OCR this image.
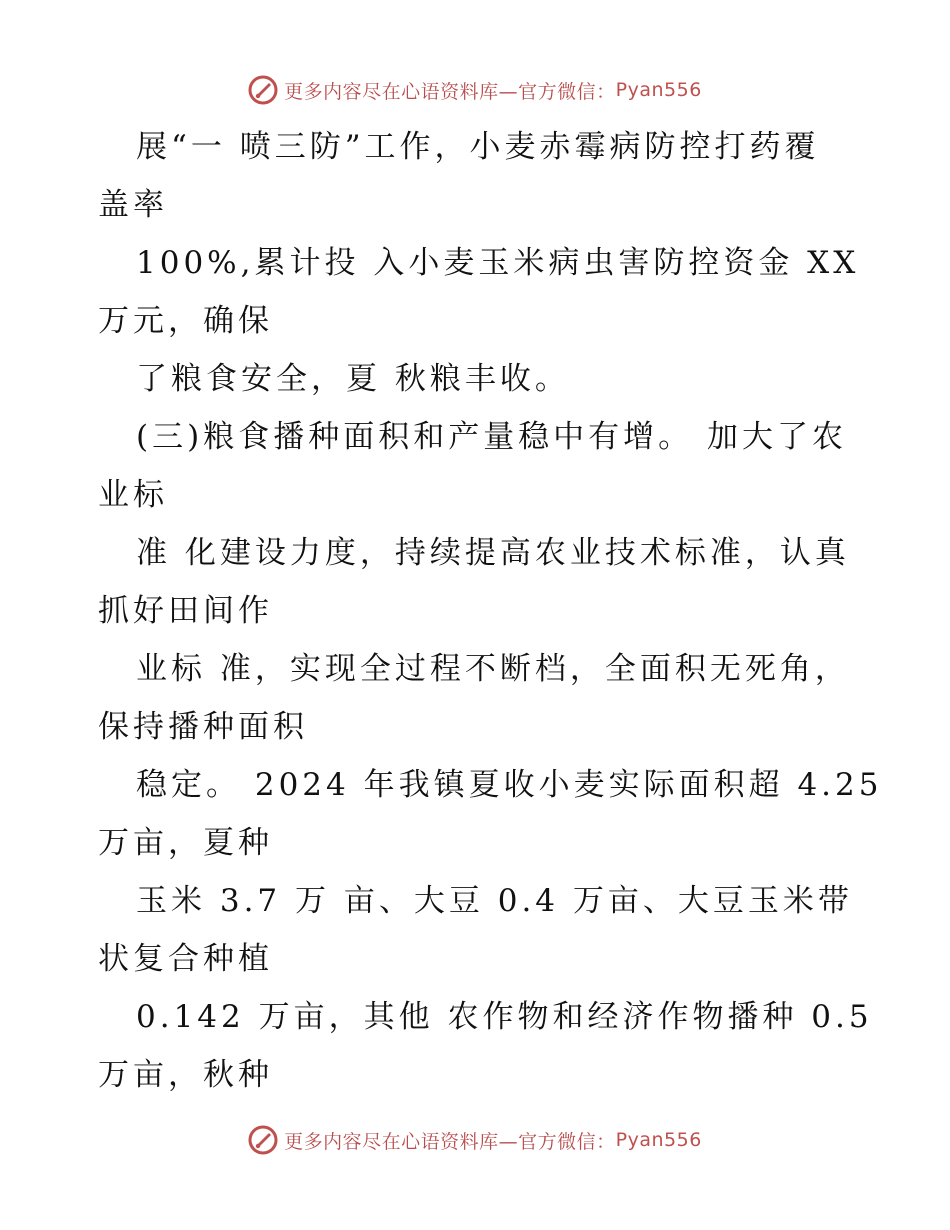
更多内容尽在心语资料库—官方微信： Pyan556
展“一 喷三防”工作，小麦赤霉病防控打药覆
盖率
100%,累计投 入小麦玉米病虫害防控资金 XX
万元，确保
了粮食安全，夏 秋粮丰收。
(三)粮食播种面积和产量稳中有增。 加大了农
业标
准 化建设力度，持续提高农业技术标准，认真
抓好田间作
业标 准，实现全过程不断档，全面积无死角，
保持播种面积
稳定。 2024 年我镇夏收小麦实际面积超 4.25
万亩，夏种
玉米 3.7 万 亩、大豆 0.4 万亩、大豆玉米带
状复合种植
0.142 万亩，其他 农作物和经济作物播种 0.5
万亩，秋种
更多内容尽在心语资料库—官方微信： Pyan556
